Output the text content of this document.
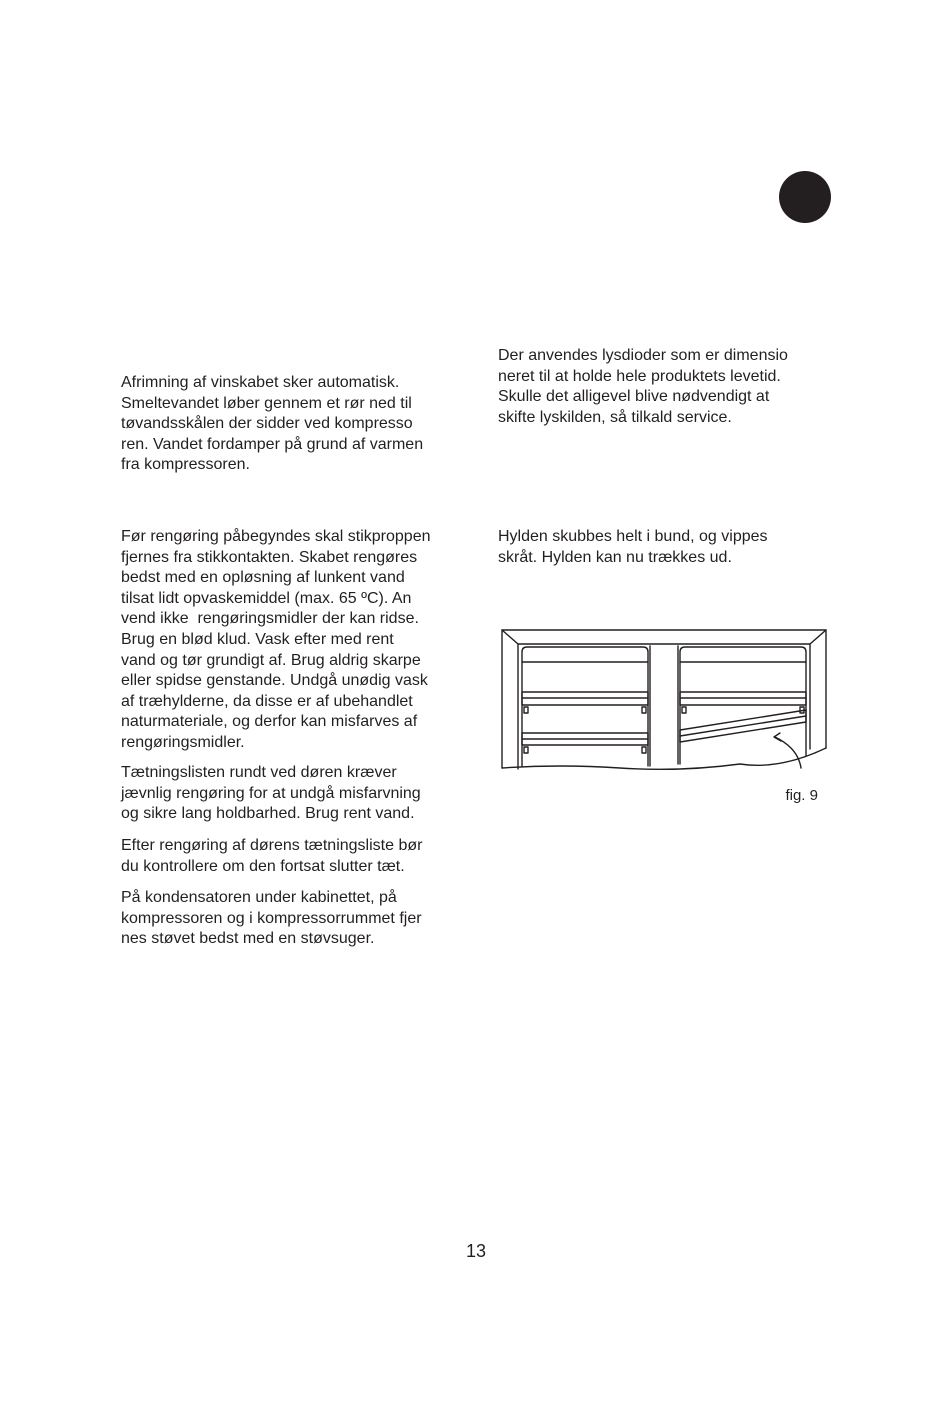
Afrimning af vinskabet sker automatisk.
Smeltevandet løber gennem et rør ned til
tøvandsskålen der sidder ved kompresso
ren. Vandet fordamper på grund af varmen
fra kompressoren.

Før rengøring påbegyndes skal stikproppen
fjernes fra stikkontakten. Skabet rengøres
bedst med en opløsning af lunkent vand
tilsat lidt opvaskemiddel (max. 65 ºC). An
vend ikke  rengøringsmidler der kan ridse.
Brug en blød klud. Vask efter med rent
vand og tør grundigt af. Brug aldrig skarpe
eller spidse genstande. Undgå unødig vask
af træhylderne, da disse er af ubehandlet
naturmateriale, og derfor kan misfarves af
rengøringsmidler.

Tætningslisten rundt ved døren kræver
jævnlig rengøring for at undgå misfarvning
og sikre lang holdbarhed. Brug rent vand.

Efter rengøring af dørens tætningsliste bør
du kontrollere om den fortsat slutter tæt.

På kondensatoren under kabinettet, på
kompressoren og i kompressorrummet fjer
nes støvet bedst med en støvsuger.

Der anvendes lysdioder som er dimensio
neret til at holde hele produktets levetid.
Skulle det alligevel blive nødvendigt at
skifte lyskilden, så tilkald service.

Hylden skubbes helt i bund, og vippes
skråt. Hylden kan nu trækkes ud.

fig. 9
13
